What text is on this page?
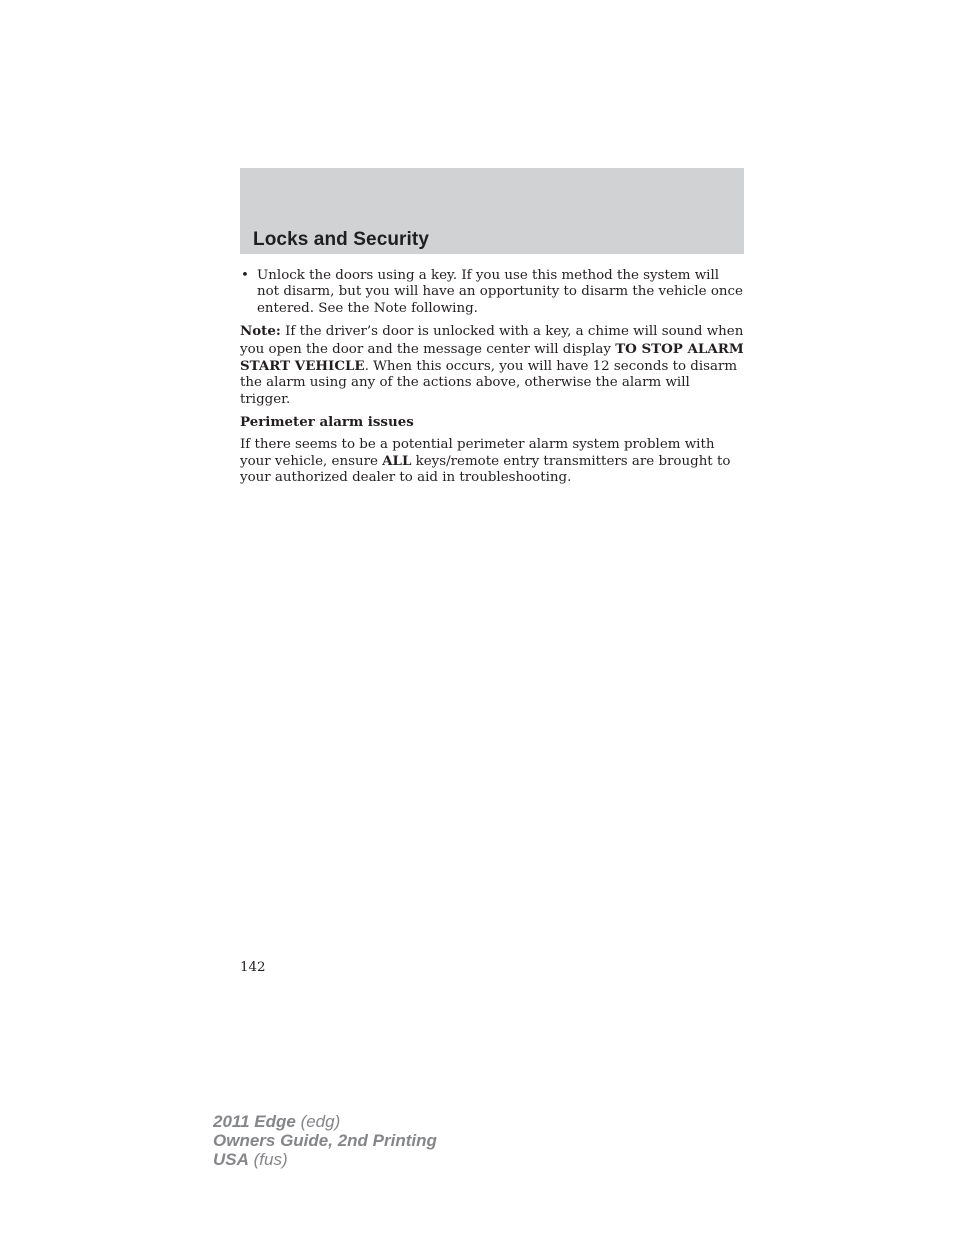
Locks and Security
• Unlock the doors using a key. If you use this method the system will not disarm, but you will have an opportunity to disarm the vehicle once entered. See the Note following.

Note: If the driver’s door is unlocked with a key, a chime will sound when you open the door and the message center will display TO STOP ALARM START VEHICLE. When this occurs, you will have 12 seconds to disarm the alarm using any of the actions above, otherwise the alarm will trigger.

Perimeter alarm issues

If there seems to be a potential perimeter alarm system problem with your vehicle, ensure ALL keys/remote entry transmitters are brought to your authorized dealer to aid in troubleshooting.

142
2011 Edge (edg)
Owners Guide, 2nd Printing
USA (fus)
